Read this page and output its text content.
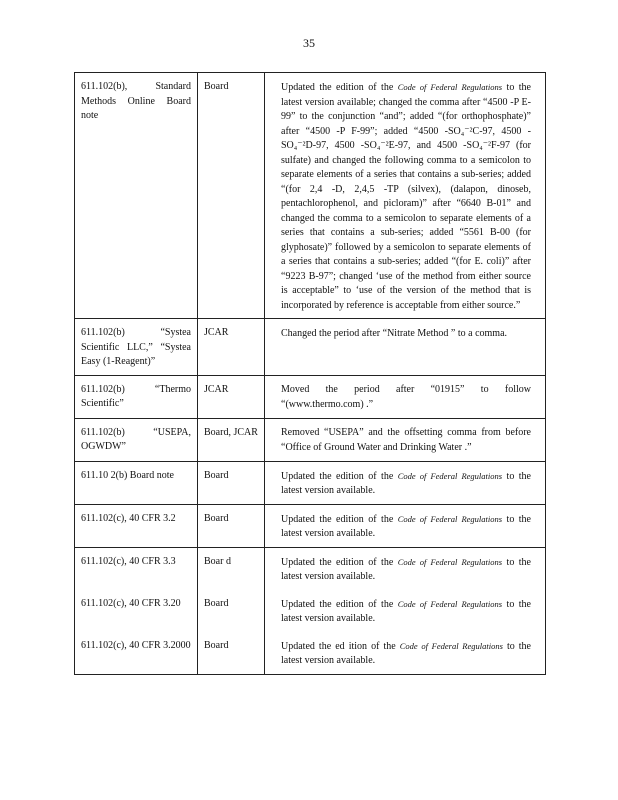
35
611.102(b), Standard Methods Online Board note	Board	Updated the edition of the Code of Federal Regulations to the latest version available; changed the comma after “4500 -P E-99” to the conjunction “and”; added “(for orthophosphate)” after “4500 -P F-99”; added “4500 -SO₄⁻²C-97, 4500 -SO₄⁻²D-97, 4500 -SO₄⁻²E-97, and 4500 -SO₄⁻²F-97 (for sulfate) and changed the following comma to a semicolon to separate elements of a series that contains a sub-series; added “(for 2,4 -D, 2,4,5 -TP (silvex), (dalapon, dinoseb, pentachlorophenol, and picloram)” after “6640 B-01” and changed the comma to a semicolon to separate elements of a series that contains a sub-series; added “5561 B-00 (for glyphosate)” followed by a semicolon to separate elements of a series that contains a sub-series; added “(for E. coli)” after “9223 B-97”; changed ‘use of the method from either source is acceptable” to ‘use of the version of the method that is incorporated by reference is acceptable from either source.”
611.102(b) “Systea Scientific LLC,” “Systea Easy (1-Reagent)”	JCAR	Changed the period after “Nitrate Method ” to a comma.
611.102(b) “Thermo Scientific”	JCAR	Moved the period after “01915” to follow “(www.thermo.com) .”
611.102(b) “USEPA, OGWDW”	Board, JCAR	Removed “USEPA” and the offsetting comma from before “Office of Ground Water and Drinking Water .”
611.10 2(b) Board note	Board	Updated the edition of the Code of Federal Regulations to the latest version available.
611.102(c), 40 CFR 3.2	Board	Updated the edition of the Code of Federal Regulations to the latest version available.
611.102(c), 40 CFR 3.3	Boar d	Updated the edition of the Code of Federal Regulations to the latest version available.
611.102(c), 40 CFR 3.20	Board	Updated the edition of the Code of Federal Regulations to the latest version available.
611.102(c), 40 CFR 3.2000	Board	Updated the ed ition of the Code of Federal Regulations to the latest version available.
